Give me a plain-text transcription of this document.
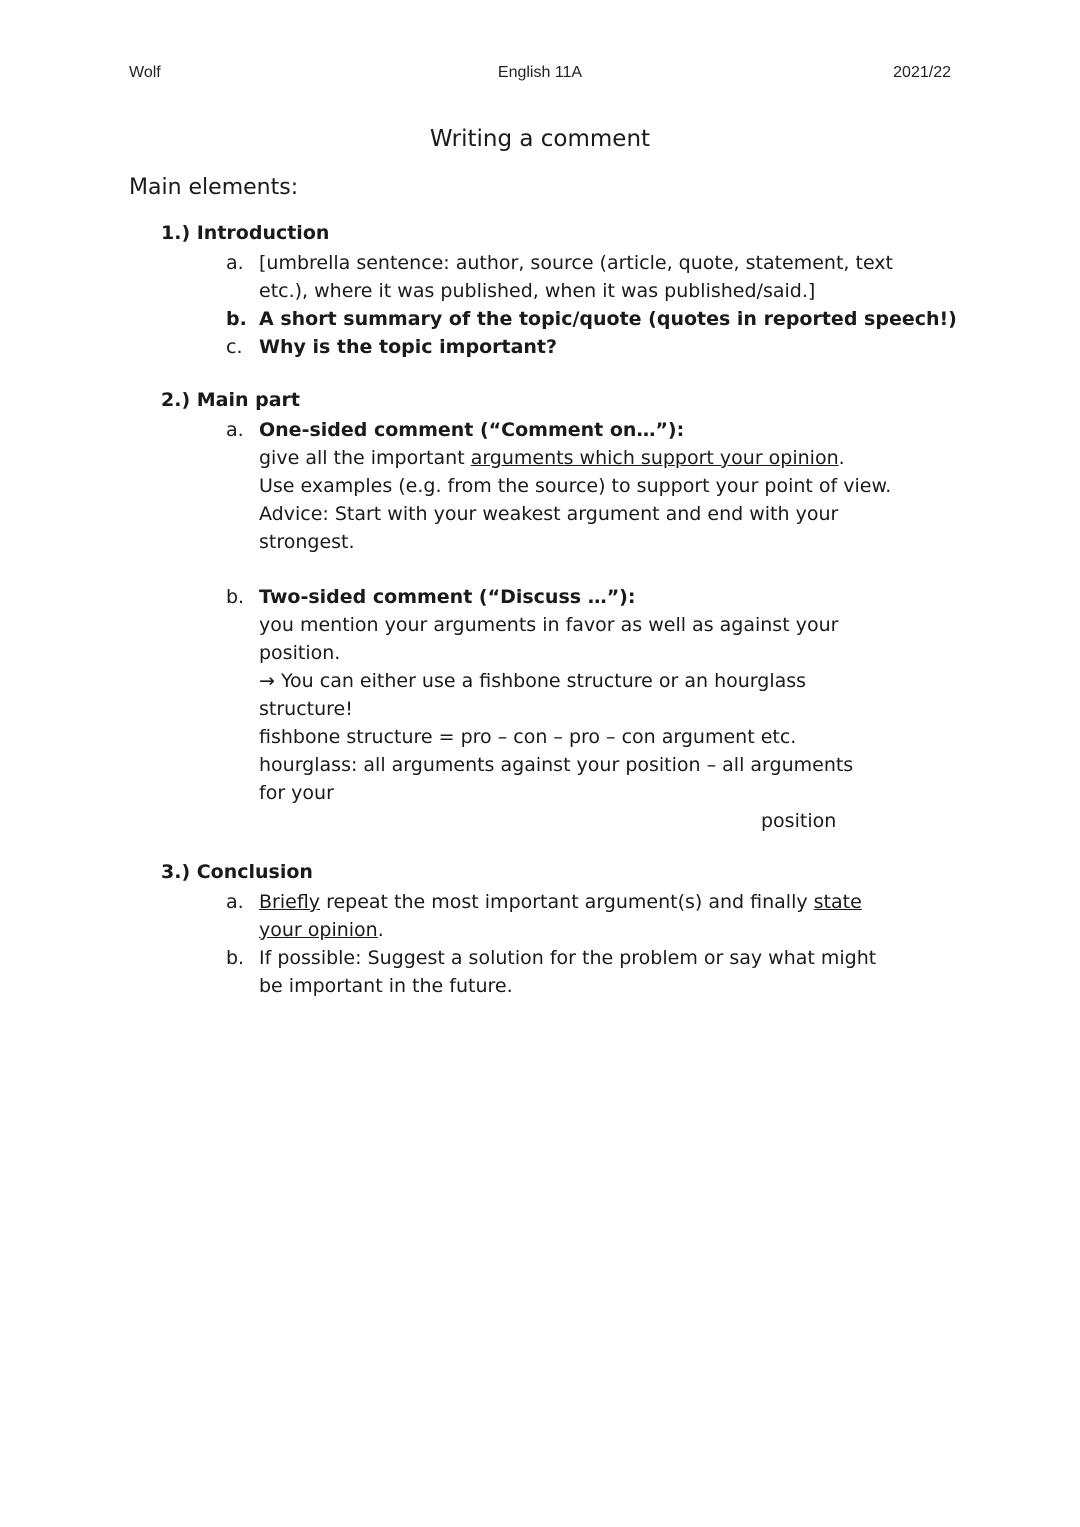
Wolf	English 11A	2021/22
Writing a comment
Main elements:
1.) Introduction
a. [umbrella sentence: author, source (article, quote, statement, text
etc.), where it was published, when it was published/said.]
b. A short summary of the topic/quote (quotes in reported speech!)
c. Why is the topic important?
2.) Main part
a. One-sided comment (“Comment on…”):
give all the important arguments which support your opinion.
Use examples (e.g. from the source) to support your point of view.
Advice: Start with your weakest argument and end with your
strongest.
b. Two-sided comment (“Discuss …”):
you mention your arguments in favor as well as against your
position.
→ You can either use a fishbone structure or an hourglass
structure!
fishbone structure = pro – con – pro – con argument etc.
hourglass: all arguments against your position – all arguments
for your
position
3.) Conclusion
a. Briefly repeat the most important argument(s) and finally state
your opinion.
b. If possible: Suggest a solution for the problem or say what might
be important in the future.
